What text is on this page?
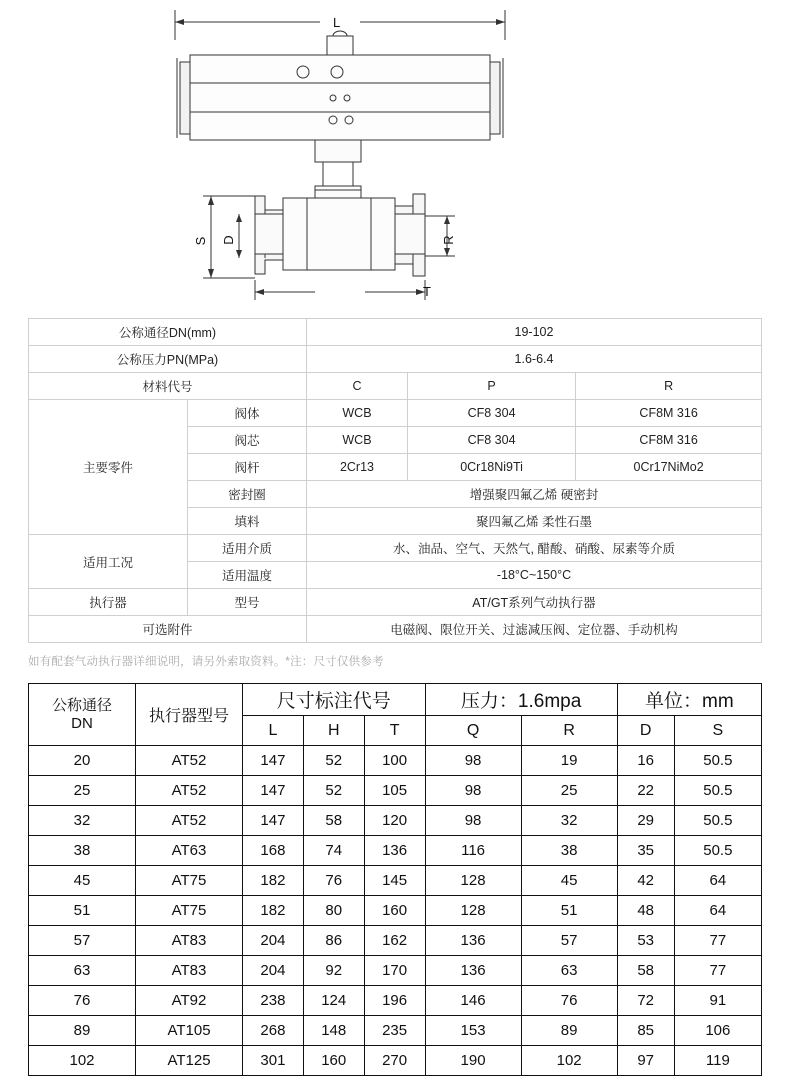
L
T
S D	R
公称通径DN(mm)		19-102		
公称压力PN(MPa)		1.6-6.4		
材料代号		C	P	R
主要零件	阀体	WCB	CF8 304	CF8M 316
	阀芯	WCB	CF8 304	CF8M 316
	阀杆	2Cr13	0Cr18Ni9Ti	0Cr17NiMo2
	密封圈	增强聚四氟乙烯 硬密封		
	填料	聚四氟乙烯 柔性石墨		
适用工况	适用介质	水、油品、空气、天然气, 醋酸、硝酸、尿素等介质		
	适用温度	-18°C~150°C		
执行器	型号	AT/GT系列气动执行器		
可选附件		电磁阀、限位开关、过滤减压阀、定位器、手动机构		
如有配套气动执行器详细说明，请另外索取资料。*注：尺寸仅供参考
公称通径
DN	执行器型号	尺寸标注代号			压力：1.6mpa		单位：mm	
		L	H	T	Q	R	D	S
20	AT52	147	52	100	98	19	16	50.5
25	AT52	147	52	105	98	25	22	50.5
32	AT52	147	58	120	98	32	29	50.5
38	AT63	168	74	136	116	38	35	50.5
45	AT75	182	76	145	128	45	42	64
51	AT75	182	80	160	128	51	48	64
57	AT83	204	86	162	136	57	53	77
63	AT83	204	92	170	136	63	58	77
76	AT92	238	124	196	146	76	72	91
89	AT105	268	148	235	153	89	85	106
102	AT125	301	160	270	190	102	97	119
